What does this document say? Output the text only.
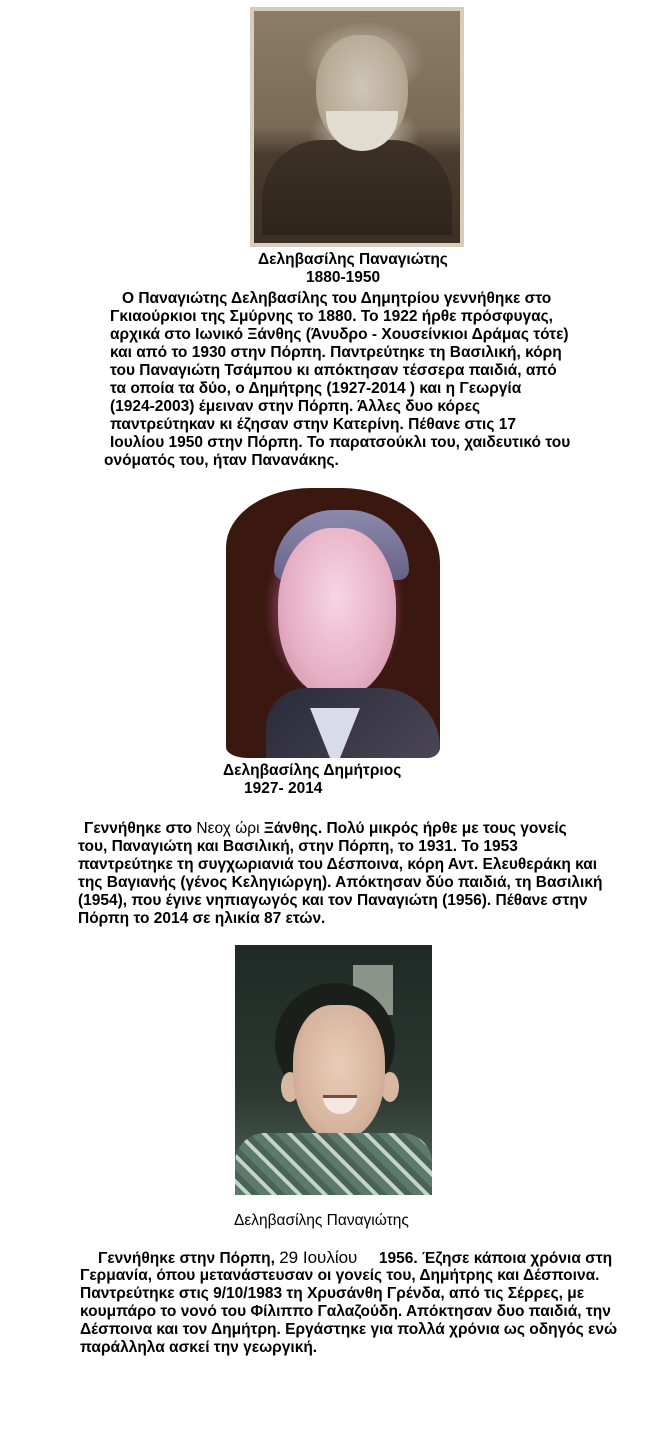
Δεληβασίλης Παναγιώτης
1880-1950
Ο Παναγιώτης Δεληβασίλης του Δημητρίου γεννήθηκε στο
Γκιαούρκιοι της Σμύρνης το 1880. Το 1922 ήρθε πρόσφυγας,
αρχικά στο Ιωνικό Ξάνθης (Άνυδρο - Χουσείνκιοι Δράμας τότε)
και από το 1930 στην Πόρπη. Παντρεύτηκε τη Βασιλική, κόρη
του Παναγιώτη Τσάμπου κι απόκτησαν τέσσερα παιδιά, από
τα οποία τα δύο, ο Δημήτρης (1927-2014 ) και η Γεωργία
(1924-2003) έμειναν στην Πόρπη. Άλλες δυο κόρες
παντρεύτηκαν κι έζησαν στην Κατερίνη. Πέθανε στις 17
Ιουλίου 1950 στην Πόρπη. Το παρατσούκλι του, χαιδευτικό του
ονόματός του, ήταν Πανανάκης.
Δεληβασίλης Δημήτριος
1927- 2014
Γεννήθηκε στο Νεοχ ώρι Ξάνθης. Πολύ μικρός ήρθε με τους γονείς
του, Παναγιώτη και Βασιλική, στην Πόρπη, το 1931. Το 1953
παντρεύτηκε τη συγχωριανιά του Δέσποινα, κόρη Αντ. Ελευθεράκη και
της Βαγιανής (γένος Κεληγιώργη). Απόκτησαν δύο παιδιά, τη Βασιλική
(1954), που έγινε νηπιαγωγός και τον Παναγιώτη (1956). Πέθανε στην
Πόρπη το 2014 σε ηλικία 87 ετών.
Δεληβασίλης Παναγιώτης
Γεννήθηκε στην Πόρπη, 29 Ιουλίου     1956. Έζησε κάποια χρόνια στη
Γερμανία, όπου μετανάστευσαν οι γονείς του, Δημήτρης και Δέσποινα.
Παντρεύτηκε στις 9/10/1983 τη Χρυσάνθη Γρένδα, από τις Σέρρες, με
κουμπάρο το νονό του Φίλιππο Γαλαζούδη. Απόκτησαν δυο παιδιά, την
Δέσποινα και τον Δημήτρη. Εργάστηκε για πολλά χρόνια ως οδηγός ενώ
παράλληλα ασκεί την γεωργική.
